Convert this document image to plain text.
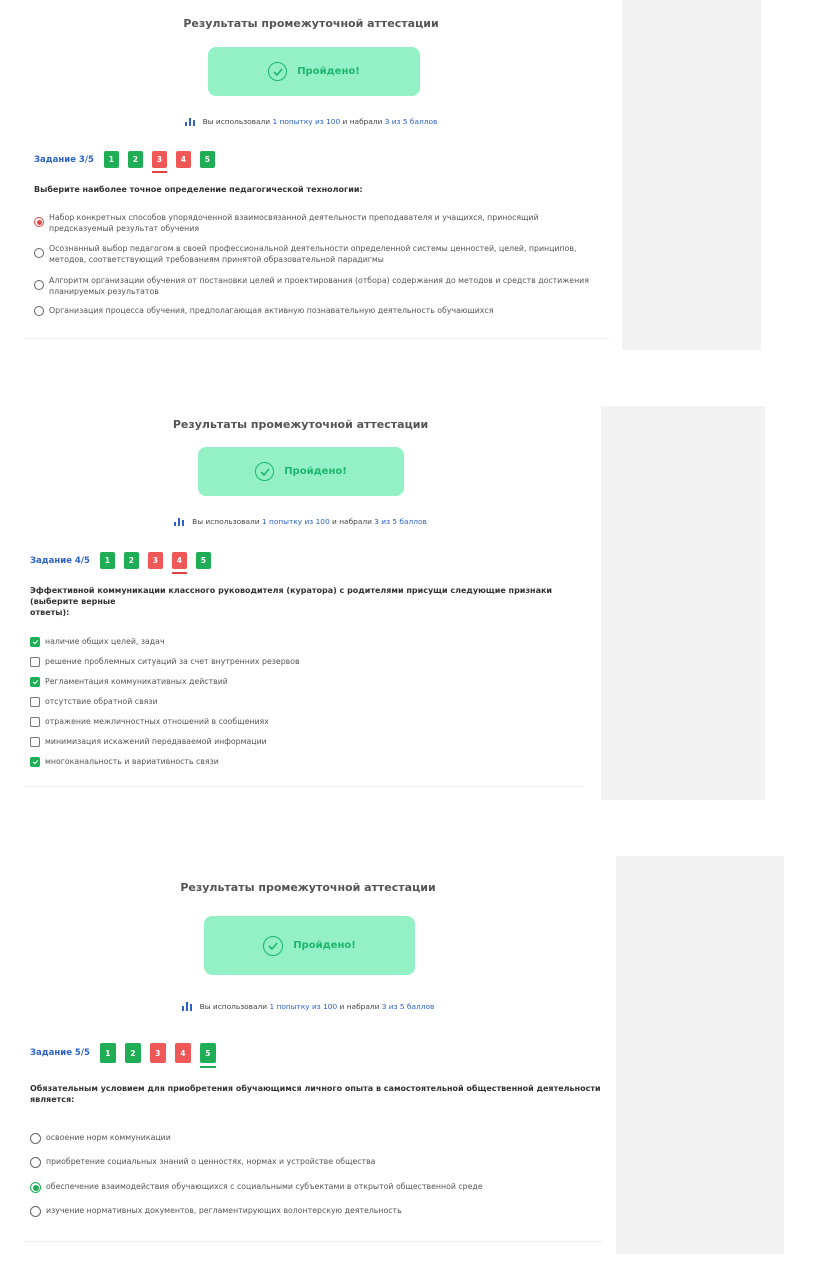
Результаты промежуточной аттестации
Пройдено!
Вы использовали 1 попытку из 100 и набрали 3 из 5 баллов
Задание 3/5	1	2	3	4	5
Выберите наиболее точное определение педагогической технологии:
Набор конкретных способов упорядоченной взаимосвязанной деятельности преподавателя и учащихся, приносящий
предсказуемый результат обучения
Осознанный выбор педагогом в своей профессиональной деятельности определенной системы ценностей, целей, принципов,
методов, соответствующий требованиям принятой образовательной парадигмы
Алгоритм организации обучения от постановки целей и проектирования (отбора) содержания до методов и средств достижения
планируемых результатов
Организация процесса обучения, предполагающая активную познавательную деятельность обучающихся
Результаты промежуточной аттестации
Пройдено!
Вы использовали 1 попытку из 100 и набрали 3 из 5 баллов
Задание 4/5	1	2	3	4	5
Эффективной коммуникации классного руководителя (куратора) с родителями присущи следующие признаки (выберите верные
ответы):
наличие общих целей, задач
решение проблемных ситуаций за счет внутренних резервов
Регламентация коммуникативных действий
отсутствие обратной связи
отражение межличностных отношений в сообщениях
минимизация искажений передаваемой информации
многоканальность и вариативность связи
Результаты промежуточной аттестации
Пройдено!
Вы использовали 1 попытку из 100 и набрали 3 из 5 баллов
Задание 5/5	1	2	3	4	5
Обязательным условием для приобретения обучающимся личного опыта в самостоятельной общественной деятельности
является:
освоение норм коммуникации
приобретение социальных знаний о ценностях, нормах и устройстве общества
обеспечение взаимодействия обучающихся с социальными субъектами в открытой общественной среде
изучение нормативных документов, регламентирующих волонтерскую деятельность
